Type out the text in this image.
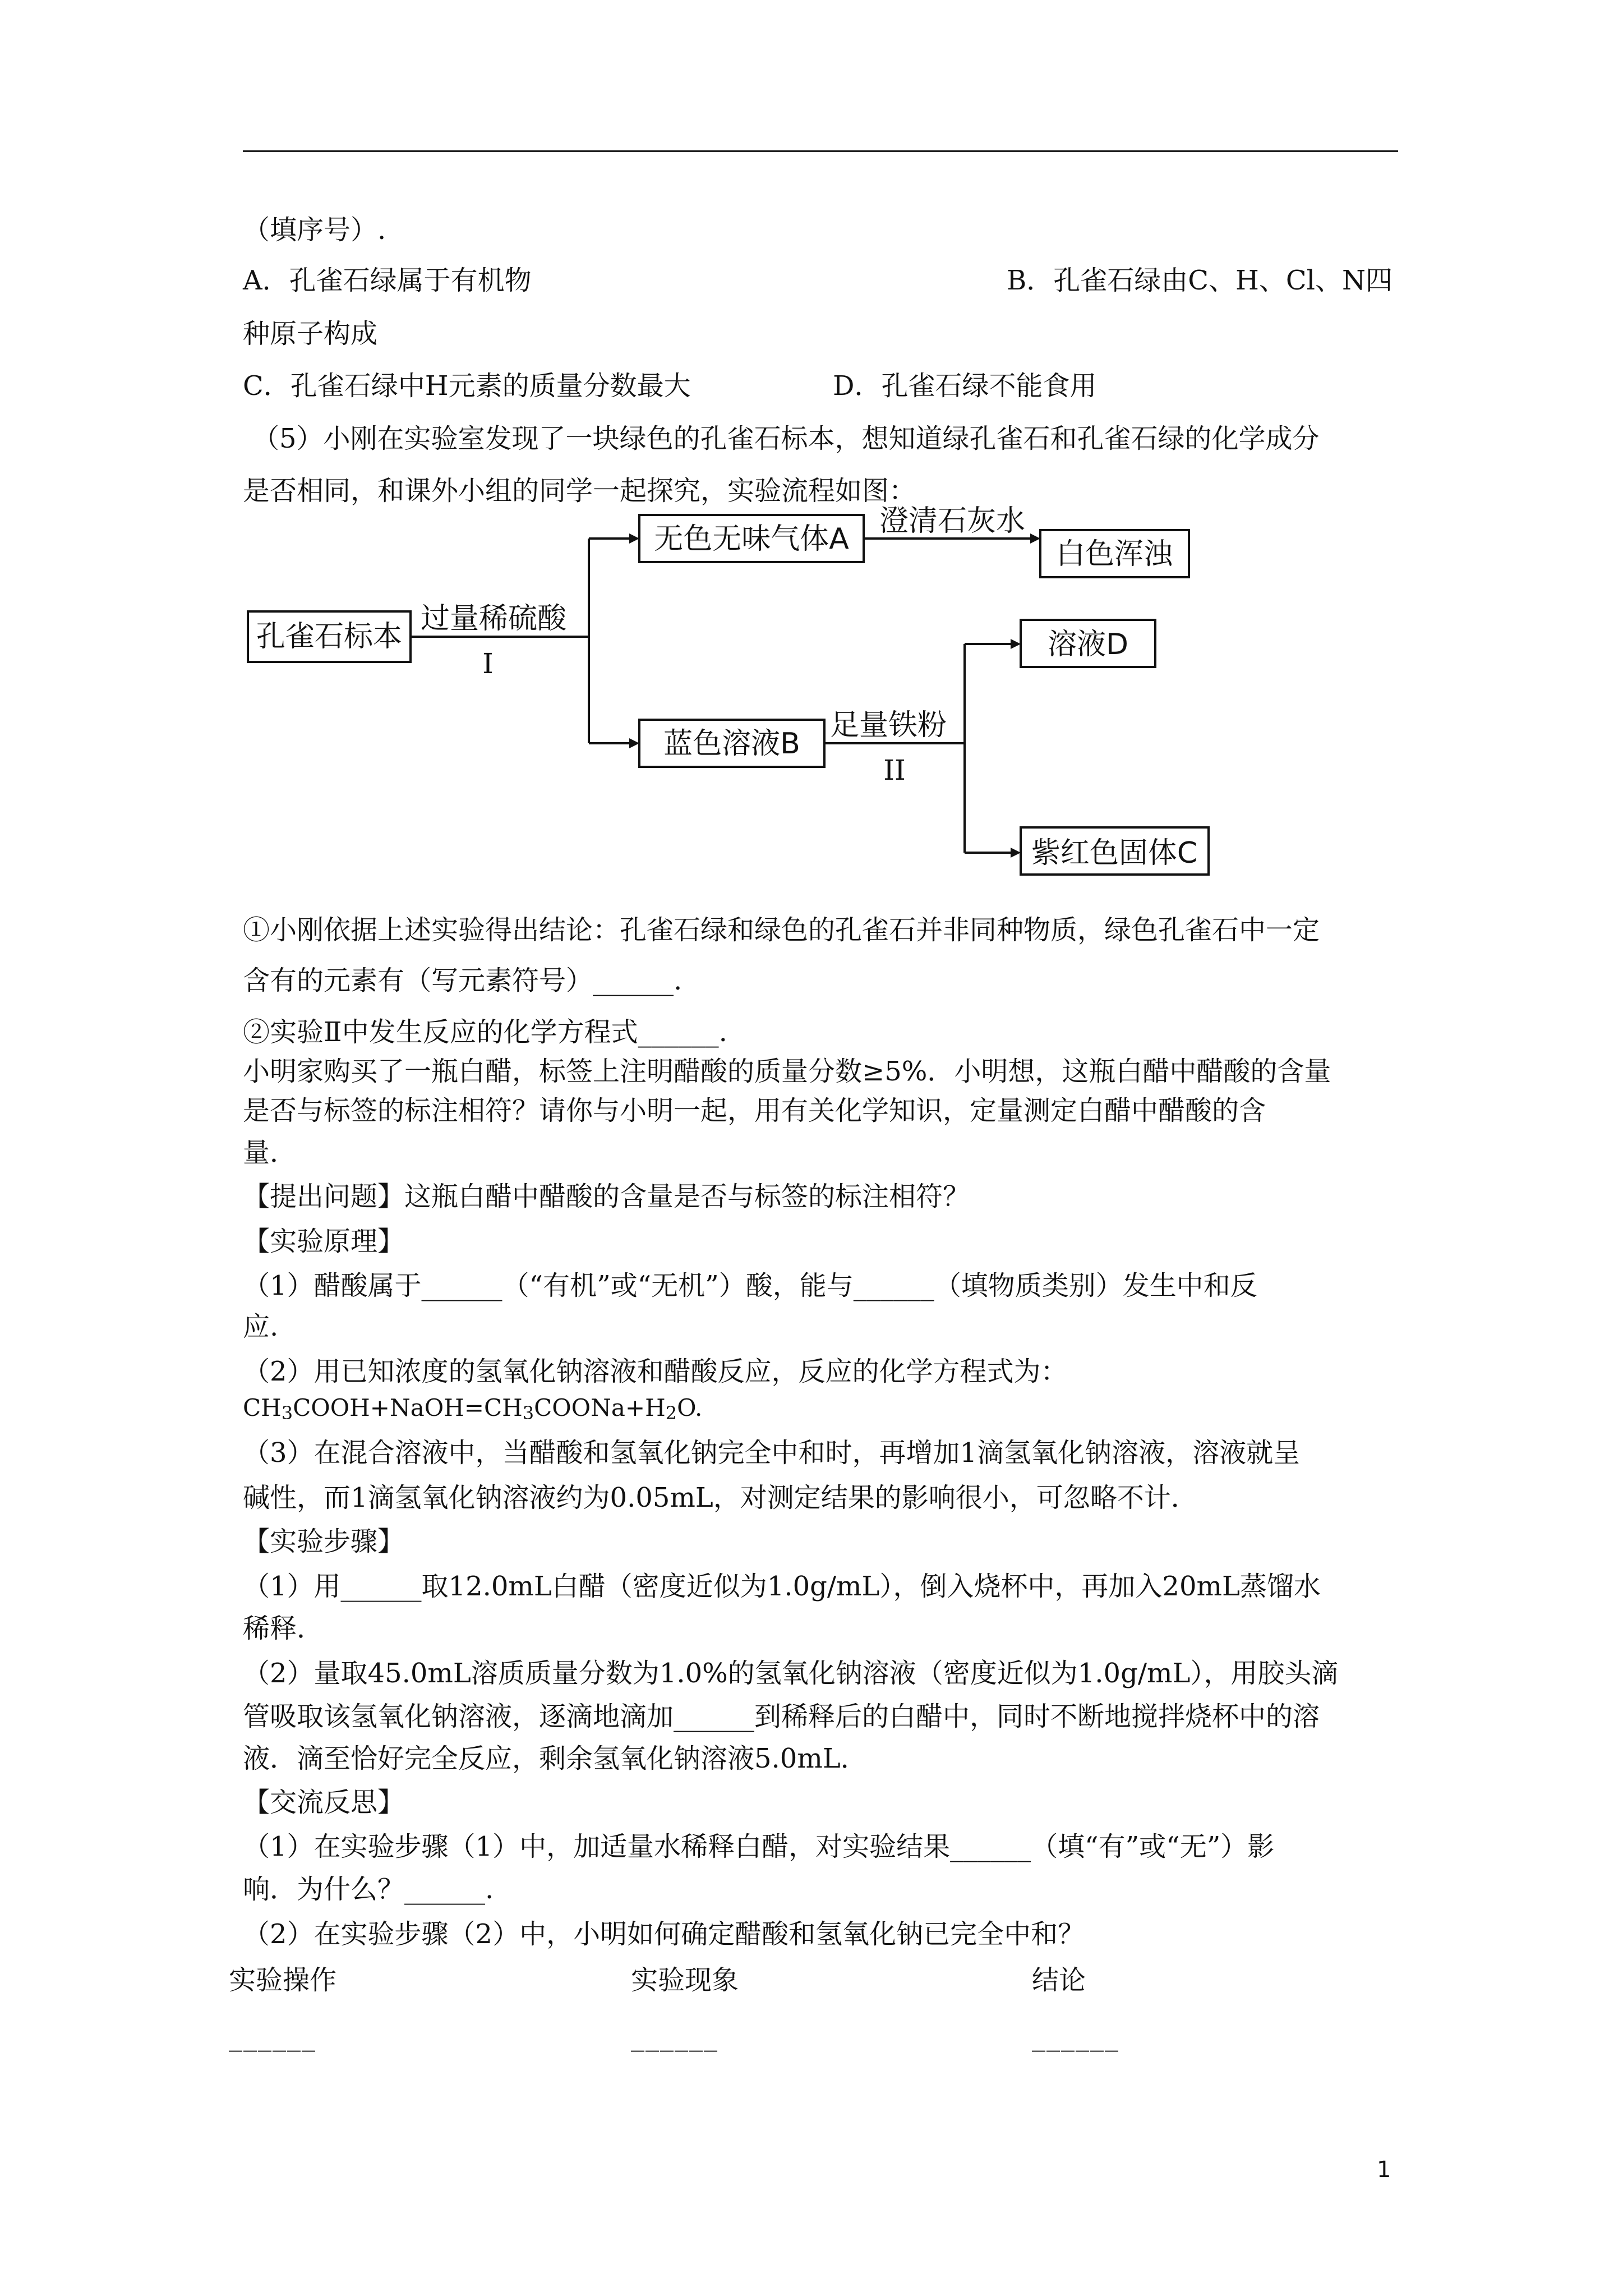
（填序号）.
A．孔雀石绿属于有机物	B．孔雀石绿由C、H、Cl、N四
种原子构成
C．孔雀石绿中H元素的质量分数最大	D．孔雀石绿不能食用
（5）小刚在实验室发现了一块绿色的孔雀石标本，想知道绿孔雀石和孔雀石绿的化学成分
是否相同，和课外小组的同学一起探究，实验流程如图：
孔雀石标本
过量稀硫酸
I
无色无味气体A
澄清石灰水
白色浑浊
蓝色溶液B
足量铁粉
II
溶液D
紫红色固体C
①小刚依据上述实验得出结论：孔雀石绿和绿色的孔雀石并非同种物质，绿色孔雀石中一定
含有的元素有（写元素符号）______.
②实验Ⅱ中发生反应的化学方程式______.
小明家购买了一瓶白醋，标签上注明醋酸的质量分数≥5%．小明想，这瓶白醋中醋酸的含量
是否与标签的标注相符？请你与小明一起，用有关化学知识，定量测定白醋中醋酸的含
量．
【提出问题】这瓶白醋中醋酸的含量是否与标签的标注相符？
【实验原理】
（1）醋酸属于______（“有机”或“无机”）酸，能与______（填物质类别）发生中和反
应.
（2）用已知浓度的氢氧化钠溶液和醋酸反应，反应的化学方程式为：
$CH_3COOH+NaOH=CH_3COONa+H_2O$.
（3）在混合溶液中，当醋酸和氢氧化钠完全中和时，再增加1滴氢氧化钠溶液，溶液就呈
碱性，而1滴氢氧化钠溶液约为0.05mL，对测定结果的影响很小，可忽略不计．
【实验步骤】
（1）用______取12.0mL白醋（密度近似为1.0g/mL），倒入烧杯中，再加入20mL蒸馏水
稀释．
（2）量取45.0mL溶质质量分数为1.0%的氢氧化钠溶液（密度近似为1.0g/mL），用胶头滴
管吸取该氢氧化钠溶液，逐滴地滴加______到稀释后的白醋中，同时不断地搅拌烧杯中的溶
液．滴至恰好完全反应，剩余氢氧化钠溶液5.0mL．
【交流反思】
（1）在实验步骤（1）中，加适量水稀释白醋，对实验结果______（填“有”或“无”）影
响．为什么？______.
（2）在实验步骤（2）中，小明如何确定醋酸和氢氧化钠已完全中和？
实验操作	实验现象	结论
______	______	______
1
